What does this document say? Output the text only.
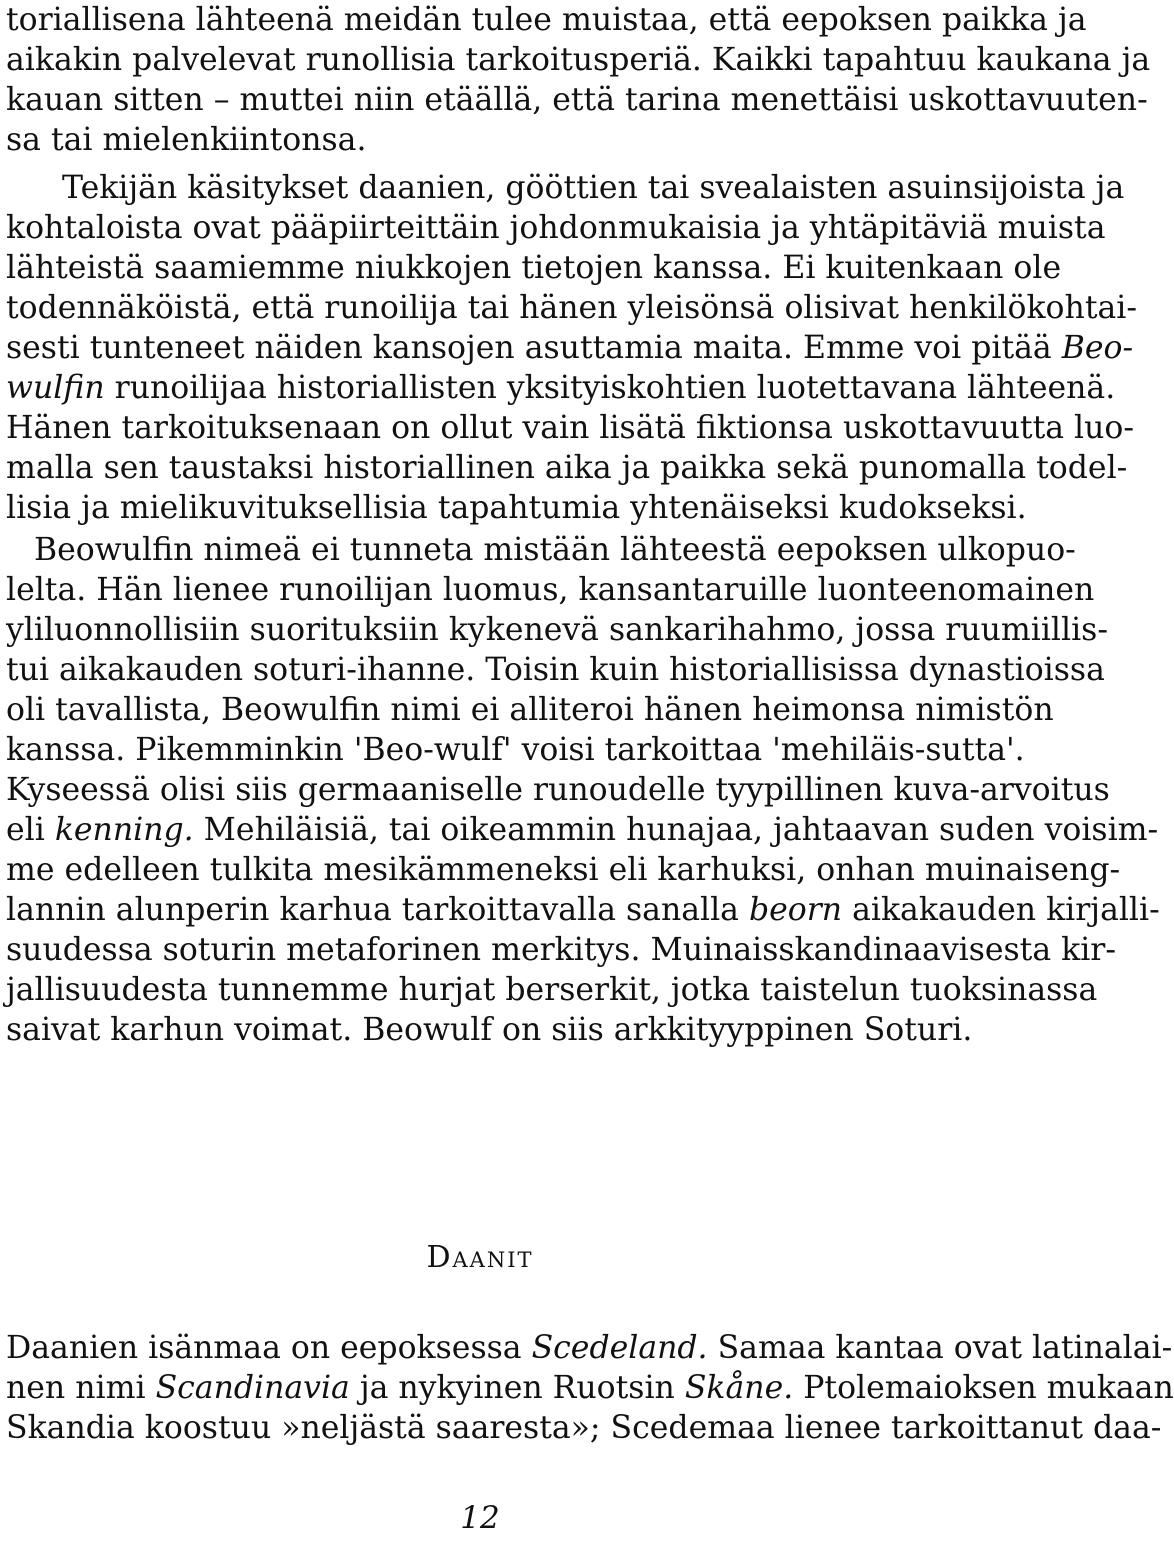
toriallisena lähteenä meidän tulee muistaa, että eepoksen paikka ja
aikakin palvelevat runollisia tarkoitusperiä. Kaikki tapahtuu kaukana ja
kauan sitten – muttei niin etäällä, että tarina menettäisi uskottavuuten-
sa tai mielenkiintonsa.
Tekijän käsitykset daanien, gööttien tai svealaisten asuinsijoista ja
kohtaloista ovat pääpiirteittäin johdonmukaisia ja yhtäpitäviä muista
lähteistä saamiemme niukkojen tietojen kanssa. Ei kuitenkaan ole
todennäköistä, että runoilija tai hänen yleisönsä olisivat henkilökohtai-
sesti tunteneet näiden kansojen asuttamia maita. Emme voi pitää Beo-
wulfin runoilijaa historiallisten yksityiskohtien luotettavana lähteenä.
Hänen tarkoituksenaan on ollut vain lisätä fiktionsa uskottavuutta luo-
malla sen taustaksi historiallinen aika ja paikka sekä punomalla todel-
lisia ja mielikuvituksellisia tapahtumia yhtenäiseksi kudokseksi.
Beowulfin nimeä ei tunneta mistään lähteestä eepoksen ulkopuo-
lelta. Hän lienee runoilijan luomus, kansantaruille luonteenomainen
yliluonnollisiin suorituksiin kykenevä sankarihahmo, jossa ruumiillis-
tui aikakauden soturi-ihanne. Toisin kuin historiallisissa dynastioissa
oli tavallista, Beowulfin nimi ei alliteroi hänen heimonsa nimistön
kanssa. Pikemminkin 'Beo-wulf' voisi tarkoittaa 'mehiläis-sutta'.
Kyseessä olisi siis germaaniselle runoudelle tyypillinen kuva-arvoitus
eli kenning. Mehiläisiä, tai oikeammin hunajaa, jahtaavan suden voisim-
me edelleen tulkita mesikämmeneksi eli karhuksi, onhan muinaiseng-
lannin alunperin karhua tarkoittavalla sanalla beorn aikakauden kirjalli-
suudessa soturin metaforinen merkitys. Muinaisskandinaavisesta kir-
jallisuudesta tunnemme hurjat berserkit, jotka taistelun tuoksinassa
saivat karhun voimat. Beowulf on siis arkkityyppinen Soturi.
Daanit
Daanien isänmaa on eepoksessa Scedeland. Samaa kantaa ovat latinalai-
nen nimi Scandinavia ja nykyinen Ruotsin Skåne. Ptolemaioksen mukaan
Skandia koostuu »neljästä saaresta»; Scedemaa lienee tarkoittanut daa-
12
